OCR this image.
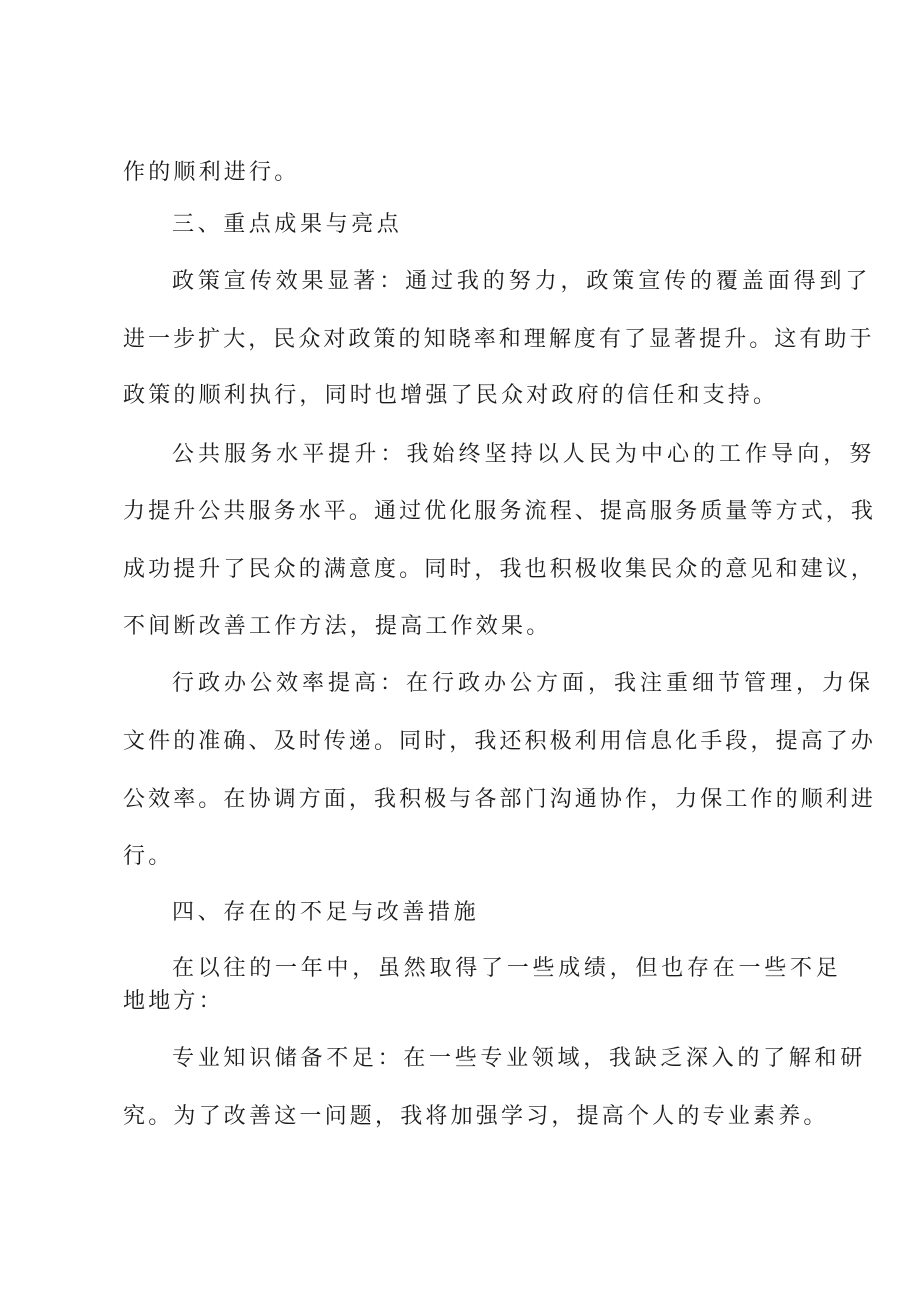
作的顺利进行。
三、重点成果与亮点
政策宣传效果显著：通过我的努力，政策宣传的覆盖面得到了
进一步扩大，民众对政策的知晓率和理解度有了显著提升。这有助于
政策的顺利执行，同时也增强了民众对政府的信任和支持。
公共服务水平提升：我始终坚持以人民为中心的工作导向，努
力提升公共服务水平。通过优化服务流程、提高服务质量等方式，我
成功提升了民众的满意度。同时，我也积极收集民众的意见和建议，
不间断改善工作方法，提高工作效果。
行政办公效率提高：在行政办公方面，我注重细节管理，力保
文件的准确、及时传递。同时，我还积极利用信息化手段，提高了办
公效率。在协调方面，我积极与各部门沟通协作，力保工作的顺利进
行。
四、存在的不足与改善措施
在以往的一年中，虽然取得了一些成绩，但也存在一些不足
地地方：
专业知识储备不足：在一些专业领域，我缺乏深入的了解和研
究。为了改善这一问题，我将加强学习，提高个人的专业素养。
